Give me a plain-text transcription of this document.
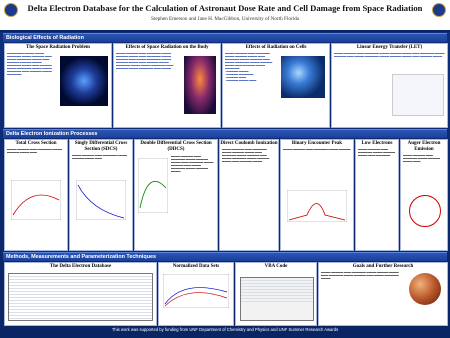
Delta Electron Database for the Calculation of Astronaut Dose Rate and Cell Damage from Space Radiation
Stephen Emerson and Jane H. MacGibbon, University of North Florida
Biological Effects of Radiation
The Space Radiation Problem
▬▬▬▬▬▬▬ ▬▬▬▬ ▬▬▬▬ ▬▬▬▬▬▬ ▬▬▬▬ ▬▬▬▬▬ ▬▬▬ ▬▬▬▬ ▬▬▬▬▬▬ ▬▬▬▬ ▬▬▬ ▬▬▬▬▬ ▬▬▬▬▬ ▬▬▬▬ ▬▬▬▬▬▬ ▬▬▬▬ ▬▬▬ ▬▬▬▬▬ ▬▬▬▬ ▬▬▬▬▬▬ ▬▬▬▬ ▬▬▬▬ ▬▬▬▬▬▬ ▬▬▬ ▬▬▬▬▬ ▬▬▬▬ ▬▬▬▬▬▬
Effects of Space Radiation on the Body
▬▬▬▬ ▬▬▬▬▬ ▬▬▬ ▬▬▬▬▬▬ ▬▬▬▬ ▬▬▬▬▬ ▬▬▬▬ ▬▬▬ ▬▬▬▬▬▬ ▬▬▬▬ ▬▬▬▬▬ ▬▬▬ ▬▬▬▬ ▬▬▬▬▬▬ ▬▬▬▬ ▬▬▬▬▬ ▬▬▬▬ ▬▬▬ ▬▬▬▬▬ ▬▬▬▬ ▬▬▬▬▬▬ ▬▬▬▬ ▬▬▬▬ ▬▬▬▬▬▬ ▬▬▬ ▬▬▬▬▬ ▬▬▬▬ ▬▬▬▬▬▬ ▬▬▬ ▬▬▬▬
Effects of Radiation on Cells
▬▬▬▬ ▬▬▬▬▬ ▬▬▬ ▬▬▬▬▬▬ ▬▬▬▬ ▬▬▬▬▬ ▬▬▬▬ ▬▬▬ ▬▬▬▬▬▬ ▬▬▬▬ ▬▬▬▬▬ ▬▬▬ ▬▬▬▬ ▬▬▬▬▬▬ ▬▬▬▬ ▬▬▬▬▬ ▬▬▬▬ ▬▬▬ ▬▬▬▬▬ ▬▬▬▬ ▬▬▬▬▬▬
• ▬▬▬▬▬ ▬▬▬▬
• ▬▬▬▬▬ ▬▬▬▬▬▬
• ▬▬▬▬▬ ▬▬▬
• ▬▬▬▬▬ ▬▬▬▬ ▬▬▬
Linear Energy Transfer (LET)
▬▬▬▬ ▬▬▬▬▬ ▬▬▬ ▬▬▬▬▬▬ ▬▬▬▬ ▬▬▬▬▬ ▬▬▬▬ ▬▬▬ ▬▬▬▬▬▬ ▬▬▬▬ ▬▬▬▬▬ ▬▬▬ ▬▬▬▬ ▬▬▬▬▬▬ ▬▬▬▬ ▬▬▬▬▬ ▬▬▬▬ ▬▬▬ ▬▬▬▬▬ ▬▬▬▬
Delta Electron Ionization Processes
Total Cross Section
▬▬▬▬ ▬▬▬▬▬ ▬▬▬ ▬▬▬▬▬▬ ▬▬▬▬ ▬▬▬▬▬ ▬▬▬▬ ▬▬▬
Singly Differential Cross Section (SDCS)
▬▬▬▬ ▬▬▬▬▬ ▬▬▬ ▬▬▬▬▬▬ ▬▬▬▬ ▬▬▬▬▬ ▬▬▬▬ ▬▬▬
Double Differential Cross Section (DDCS)
▬▬▬▬ ▬▬▬▬▬ ▬▬▬ ▬▬▬▬▬▬ ▬▬▬▬ ▬▬▬▬▬ ▬▬▬▬ ▬▬▬ ▬▬▬▬▬▬ ▬▬▬▬ ▬▬▬▬▬ ▬▬▬ ▬▬▬▬ ▬▬▬▬▬▬ ▬▬▬▬ ▬▬▬▬▬ ▬▬▬▬
Direct Coulomb Ionization
▬▬▬▬ ▬▬▬▬▬ ▬▬▬ ▬▬▬▬▬▬ ▬▬▬▬ ▬▬▬▬▬ ▬▬▬▬ ▬▬▬ ▬▬▬▬▬▬ ▬▬▬▬ ▬▬▬▬▬ ▬▬▬ ▬▬▬▬ ▬▬▬▬▬▬ ▬▬▬▬ ▬▬▬▬▬ ▬▬▬▬ ▬▬▬ ▬▬▬▬▬ ▬▬▬▬
Binary Encounter Peak
▬▬▬▬ ▬▬▬▬▬ ▬▬▬ ▬▬▬▬▬▬ ▬▬▬▬ ▬▬▬▬▬
Low Electrons
▬▬▬▬ ▬▬▬▬▬ ▬▬▬ ▬▬▬▬▬▬ ▬▬▬▬ ▬▬▬▬▬ ▬▬▬▬ ▬▬▬ ▬▬▬▬▬▬
Auger Electron Emission
▬▬▬▬ ▬▬▬▬▬ ▬▬▬ ▬▬▬▬▬▬ ▬▬▬▬ ▬▬▬▬▬ ▬▬▬▬ ▬▬▬
Methods, Measurements and Parameterization Techniques
The Delta Electron Database	Normalized Data Sets	VBA Code	Goals and Further Research
▬▬▬▬ ▬▬▬▬▬ ▬▬▬ ▬▬▬▬▬▬ ▬▬▬▬ ▬▬▬▬▬ ▬▬▬▬ ▬▬▬ ▬▬▬▬▬▬ ▬▬▬▬ ▬▬▬▬▬ ▬▬▬ ▬▬▬▬ ▬▬▬▬▬▬ ▬▬▬▬
This work was supported by funding from UNF Department of Chemistry and Physics and UNF Summer Research Awards
